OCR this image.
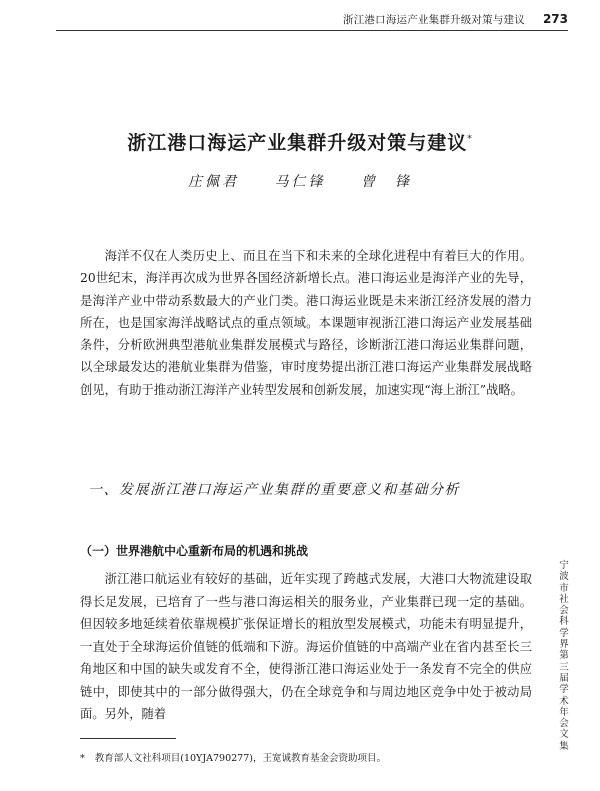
浙江港口海运产业集群升级对策与建议 273
浙江港口海运产业集群升级对策与建议*
庄佩君	马仁锋	曾　锋

海洋不仅在人类历史上、而且在当下和未来的全球化进程中有着巨大的作用。20世纪末，海洋再次成为世界各国经济新增长点。港口海运业是海洋产业的先导，是海洋产业中带动系数最大的产业门类。港口海运业既是未来浙江经济发展的潜力所在，也是国家海洋战略试点的重点领域。本课题审视浙江港口海运产业发展基础条件，分析欧洲典型港航业集群发展模式与路径，诊断浙江港口海运业集群问题，以全球最发达的港航业集群为借鉴，审时度势提出浙江港口海运产业集群发展战略创见，有助于推动浙江海洋产业转型发展和创新发展，加速实现“海上浙江”战略。

一、发展浙江港口海运产业集群的重要意义和基础分析
（一）世界港航中心重新布局的机遇和挑战

浙江港口航运业有较好的基础，近年实现了跨越式发展，大港口大物流建设取得长足发展，已培育了一些与港口海运相关的服务业，产业集群已现一定的基础。但因较多地延续着依靠规模扩张保证增长的粗放型发展模式，功能未有明显提升，一直处于全球海运价值链的低端和下游。海运价值链的中高端产业在省内甚至长三角地区和中国的缺失或发育不全，使得浙江港口海运业处于一条发育不完全的供应链中，即使其中的一部分做得强大，仍在全球竞争和与周边地区竞争中处于被动局面。另外，随着

* 教育部人文社科项目(10YJA790277)，王宽诚教育基金会资助项目。
宁波市社会科学界第三届学术年会文集
